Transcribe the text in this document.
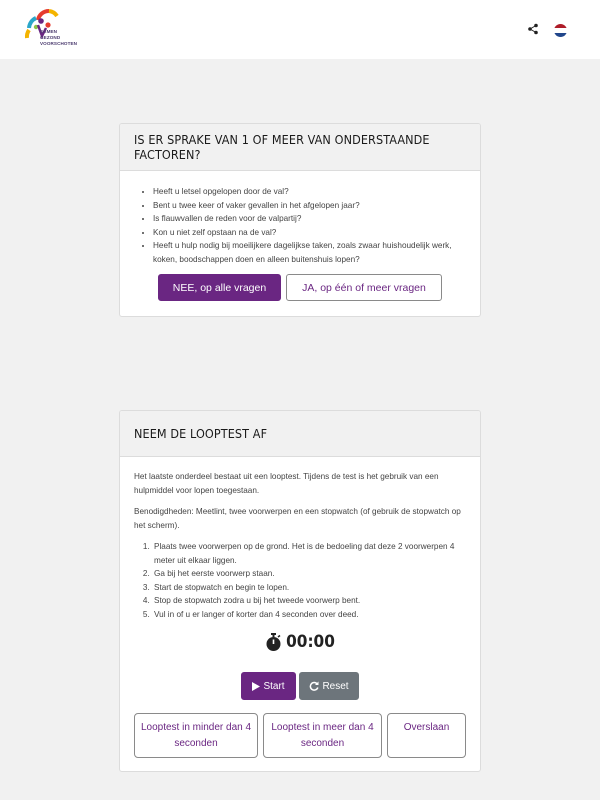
SAMEN
GEZOND
VOORSCHOTEN
IS ER SPRAKE VAN 1 OF MEER VAN ONDERSTAANDE FACTOREN?
• Heeft u letsel opgelopen door de val?
• Bent u twee keer of vaker gevallen in het afgelopen jaar?
• Is flauwvallen de reden voor de valpartij?
• Kon u niet zelf opstaan na de val?
• Heeft u hulp nodig bij moeilijkere dagelijkse taken, zoals zwaar huishoudelijk werk, koken, boodschappen doen en alleen buitenshuis lopen?
NEE, op alle vragen	JA, op één of meer vragen
NEEM DE LOOPTEST AF

Het laatste onderdeel bestaat uit een looptest. Tijdens de test is het gebruik van een hulpmiddel voor lopen toegestaan.

Benodigdheden: Meetlint, twee voorwerpen en een stopwatch (of gebruik de stopwatch op het scherm).

1. Plaats twee voorwerpen op de grond. Het is de bedoeling dat deze 2 voorwerpen 4 meter uit elkaar liggen.
2. Ga bij het eerste voorwerp staan.
3. Start de stopwatch en begin te lopen.
4. Stop de stopwatch zodra u bij het tweede voorwerp bent.
5. Vul in of u er langer of korter dan 4 seconden over deed.
00:00
Start	Reset
Looptest in minder dan 4 seconden
Looptest in meer dan 4 seconden
Overslaan
